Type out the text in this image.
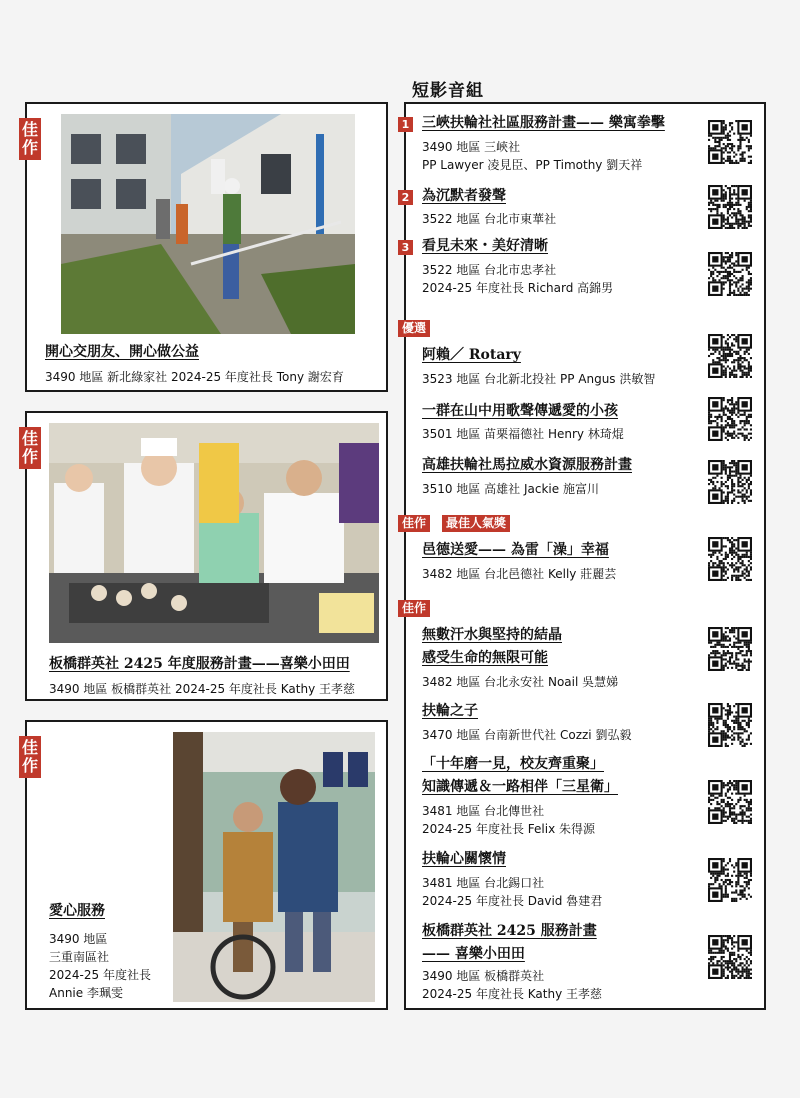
短影音組
佳作
開心交朋友、開心做公益
3490 地區 新北綠家社 2024-25 年度社長 Tony 謝宏育
佳作
板橋群英社 2425 年度服務計畫——喜樂小田田
3490 地區 板橋群英社 2024-25 年度社長 Kathy 王孝慈
佳作
愛心服務
3490 地區
三重南區社
2024-25 年度社長
Annie 李珮雯
1 三峽扶輪社社區服務計畫—— 樂寓拳擊
3490 地區 三峽社
PP Lawyer 凌見臣、PP Timothy 劉天祥
2 為沉默者發聲
3522 地區 台北市東華社
3 看見未來・美好清晰
3522 地區 台北市忠孝社
2024-25 年度社長 Richard 高錦男
優選
阿賴／ Rotary
3523 地區 台北新北投社 PP Angus 洪敏智
一群在山中用歌聲傳遞愛的小孩
3501 地區 苗栗福德社 Henry 林琦焜
高雄扶輪社馬拉威水資源服務計畫
3510 地區 高雄社 Jackie 施富川
佳作	最佳人氣獎
邑德送愛—— 為雷「澡」幸福
3482 地區 台北邑德社 Kelly 莊麗芸
佳作
無數汗水與堅持的結晶
感受生命的無限可能
3482 地區 台北永安社 Noail 吳慧娣
扶輪之子
3470 地區 台南新世代社 Cozzi 劉弘毅
「十年磨一見，校友齊重聚」
知識傳遞＆一路相伴「三星衛」
3481 地區 台北傳世社
2024-25 年度社長 Felix 朱得源
扶輪心關懷情
3481 地區 台北錫口社
2024-25 年度社長 David 魯建君
板橋群英社 2425 服務計畫
—— 喜樂小田田
3490 地區 板橋群英社
2024-25 年度社長 Kathy 王孝慈
